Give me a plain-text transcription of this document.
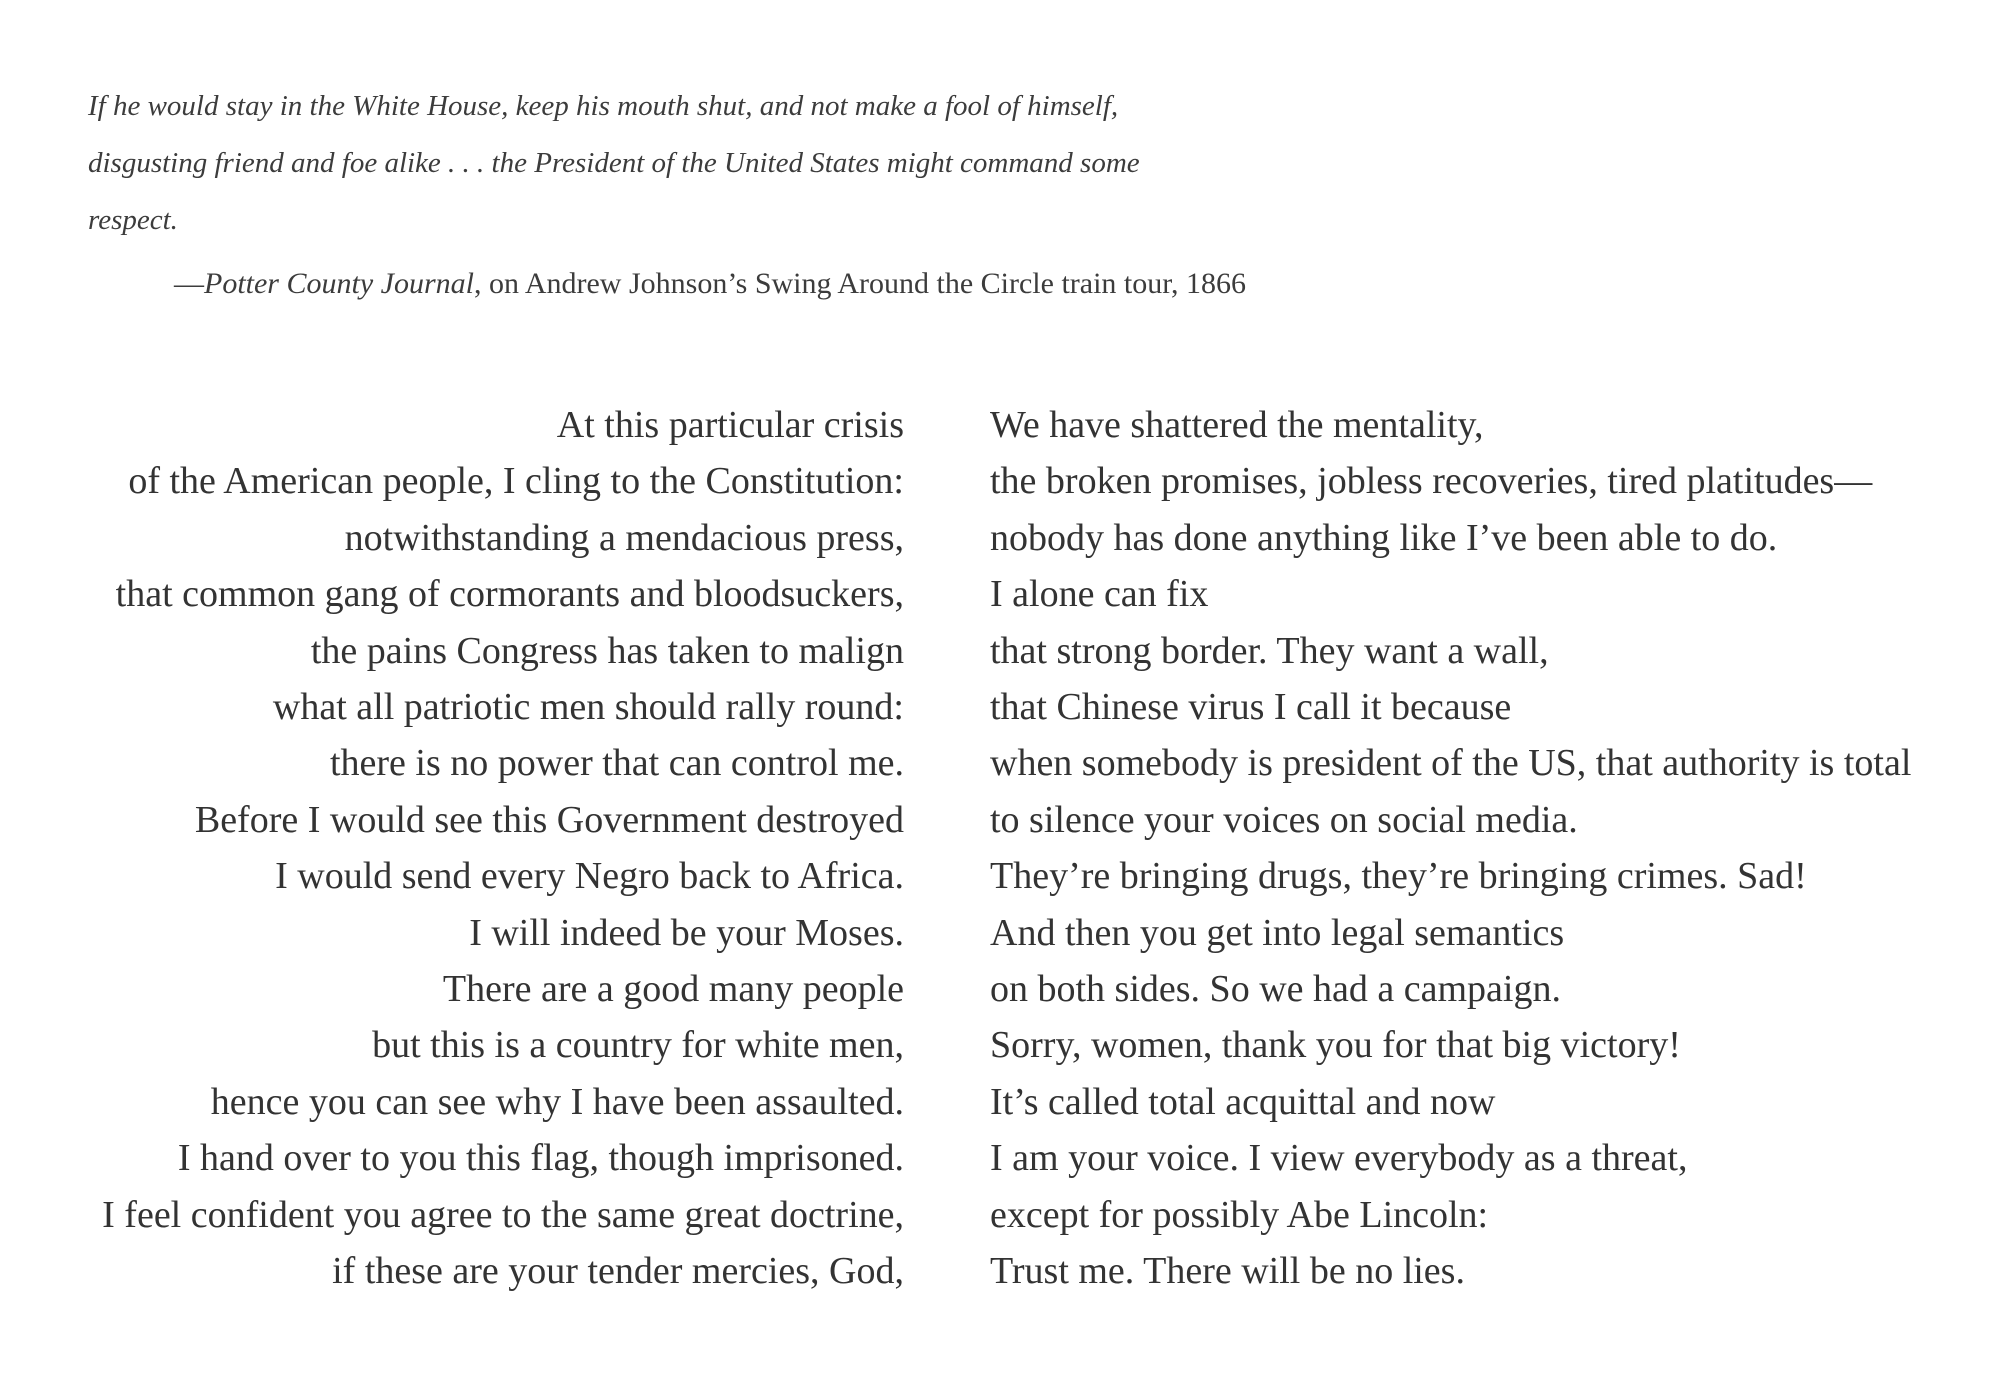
If he would stay in the White House, keep his mouth shut, and not make a fool of himself,
disgusting friend and foe alike . . . the President of the United States might command some
respect.
—Potter County Journal, on Andrew Johnson’s Swing Around the Circle train tour, 1866
At this particular crisis
of the American people, I cling to the Constitution:
notwithstanding a mendacious press,
that common gang of cormorants and bloodsuckers,
the pains Congress has taken to malign
what all patriotic men should rally round:
there is no power that can control me.
Before I would see this Government destroyed
I would send every Negro back to Africa.
I will indeed be your Moses.
There are a good many people
but this is a country for white men,
hence you can see why I have been assaulted.
I hand over to you this flag, though imprisoned.
I feel confident you agree to the same great doctrine,
if these are your tender mercies, God,
We have shattered the mentality,
the broken promises, jobless recoveries, tired platitudes—
nobody has done anything like I’ve been able to do.
I alone can fix
that strong border. They want a wall,
that Chinese virus I call it because
when somebody is president of the US, that authority is total
to silence your voices on social media.
They’re bringing drugs, they’re bringing crimes. Sad!
And then you get into legal semantics
on both sides. So we had a campaign.
Sorry, women, thank you for that big victory!
It’s called total acquittal and now
I am your voice. I view everybody as a threat,
except for possibly Abe Lincoln:
Trust me. There will be no lies.
